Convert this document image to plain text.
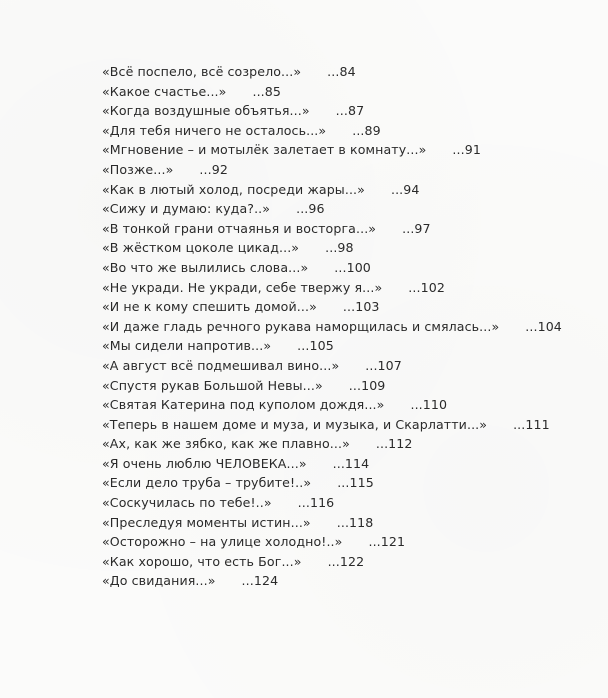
«Всё поспело, всё созрело...» ...84
«Какое счастье...» ...85
«Когда воздушные объятья...» ...87
«Для тебя ничего не осталось...» ...89
«Мгновение – и мотылёк залетает в комнату...» ...91
«Позже...» ...92
«Как в лютый холод, посреди жары...» ...94
«Сижу и думаю: куда?..» ...96
«В тонкой грани отчаянья и восторга...» ...97
«В жёстком цоколе цикад...» ...98
«Во что же вылились слова...» ...100
«Не укради. Не укради, себе твержу я...» ...102
«И не к кому спешить домой...» ...103
«И даже гладь речного рукава наморщилась и смялась...» ...104
«Мы сидели напротив...» ...105
«А август всё подмешивал вино...» ...107
«Спустя рукав Большой Невы...» ...109
«Святая Катерина под куполом дождя...» ...110
«Теперь в нашем доме и муза, и музыка, и Скарлатти...» ...111
«Ах, как же зябко, как же плавно...» ...112
«Я очень люблю ЧЕЛОВЕКА...» ...114
«Если дело труба – трубите!..» ...115
«Соскучилась по тебе!..» ...116
«Преследуя моменты истин...» ...118
«Осторожно – на улице холодно!..» ...121
«Как хорошо, что есть Бог...» ...122
«До свидания...» ...124
